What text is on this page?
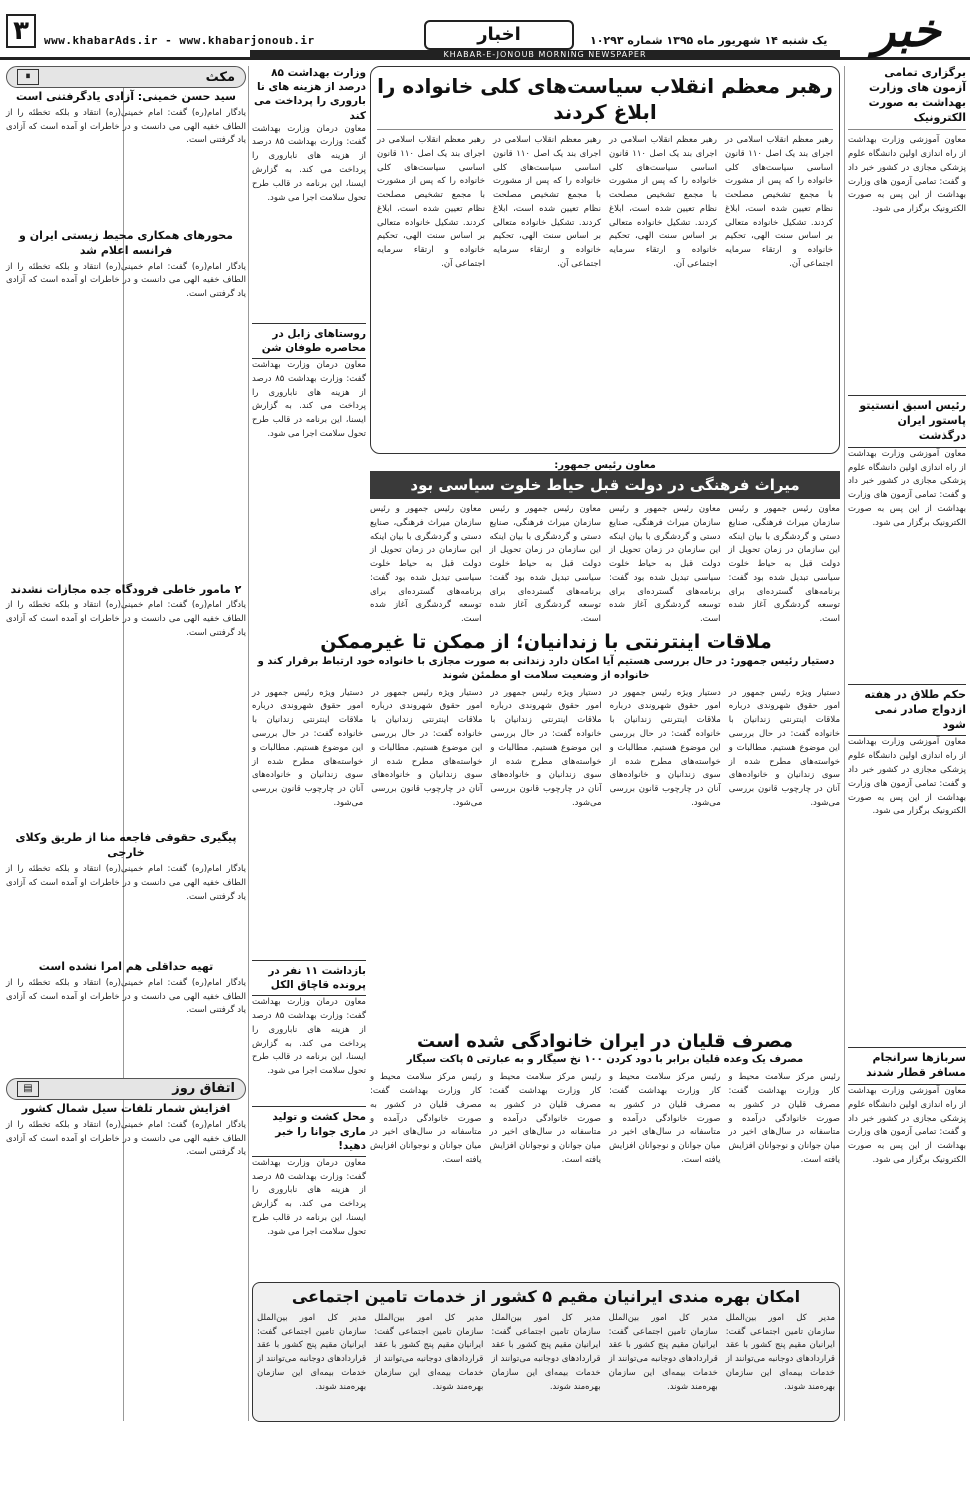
۳	www.khabarAds.ir - www.khabarjonoub.ir	اخبار	یک شنبه ۱۴ شهریور ماه ۱۳۹۵ شماره ۱۰۲۹۳ خبر
KHABAR-E-JONOUB MORNING NEWSPAPER
برگزاری تمامی آزمون های وزارت بهداشت به صورت الکترونیک
معاون آموزشی وزارت بهداشت از راه اندازی اولین دانشگاه علوم پزشکی مجازی در کشور خبر داد و گفت: تمامی آزمون های وزارت بهداشت از این پس به صورت الکترونیک برگزار می شود.
رئیس اسبق انستیتو پاستور ایران درگذشت
معاون آموزشی وزارت بهداشت از راه اندازی اولین دانشگاه علوم پزشکی مجازی در کشور خبر داد و گفت: تمامی آزمون های وزارت بهداشت از این پس به صورت الکترونیک برگزار می شود.
حکم طلاق در هفته ازدواج صادر نمی شود
معاون آموزشی وزارت بهداشت از راه اندازی اولین دانشگاه علوم پزشکی مجازی در کشور خبر داد و گفت: تمامی آزمون های وزارت بهداشت از این پس به صورت الکترونیک برگزار می شود.
سربازها سرانجام مسافر قطار شدند
معاون آموزشی وزارت بهداشت از راه اندازی اولین دانشگاه علوم پزشکی مجازی در کشور خبر داد و گفت: تمامی آزمون های وزارت بهداشت از این پس به صورت الکترونیک برگزار می شود.
رهبر معظم انقلاب سیاست‌های کلی خانواده را ابلاغ کردند
رهبر معظم انقلاب اسلامی در اجرای بند یک اصل ۱۱۰ قانون اساسی سیاست‌های کلی خانواده را که پس از مشورت با مجمع تشخیص مصلحت نظام تعیین شده است، ابلاغ کردند. تشکیل خانواده متعالی بر اساس سنت الهی، تحکیم خانواده و ارتقاء سرمایه اجتماعی آن.
رهبر معظم انقلاب اسلامی در اجرای بند یک اصل ۱۱۰ قانون اساسی سیاست‌های کلی خانواده را که پس از مشورت با مجمع تشخیص مصلحت نظام تعیین شده است، ابلاغ کردند. تشکیل خانواده متعالی بر اساس سنت الهی، تحکیم خانواده و ارتقاء سرمایه اجتماعی آن.
رهبر معظم انقلاب اسلامی در اجرای بند یک اصل ۱۱۰ قانون اساسی سیاست‌های کلی خانواده را که پس از مشورت با مجمع تشخیص مصلحت نظام تعیین شده است، ابلاغ کردند. تشکیل خانواده متعالی بر اساس سنت الهی، تحکیم خانواده و ارتقاء سرمایه اجتماعی آن.
رهبر معظم انقلاب اسلامی در اجرای بند یک اصل ۱۱۰ قانون اساسی سیاست‌های کلی خانواده را که پس از مشورت با مجمع تشخیص مصلحت نظام تعیین شده است، ابلاغ کردند. تشکیل خانواده متعالی بر اساس سنت الهی، تحکیم خانواده و ارتقاء سرمایه اجتماعی آن.
معاون رئیس جمهور:
میراث فرهنگی در دولت قبل حیاط خلوت سیاسی بود
معاون رئیس جمهور و رئیس سازمان میراث فرهنگی، صنایع دستی و گردشگری با بیان اینکه این سازمان در زمان تحویل از دولت قبل به حیاط خلوت سیاسی تبدیل شده بود گفت: برنامه‌های گسترده‌ای برای توسعه گردشگری آغاز شده است.
معاون رئیس جمهور و رئیس سازمان میراث فرهنگی، صنایع دستی و گردشگری با بیان اینکه این سازمان در زمان تحویل از دولت قبل به حیاط خلوت سیاسی تبدیل شده بود گفت: برنامه‌های گسترده‌ای برای توسعه گردشگری آغاز شده است.
معاون رئیس جمهور و رئیس سازمان میراث فرهنگی، صنایع دستی و گردشگری با بیان اینکه این سازمان در زمان تحویل از دولت قبل به حیاط خلوت سیاسی تبدیل شده بود گفت: برنامه‌های گسترده‌ای برای توسعه گردشگری آغاز شده است.
معاون رئیس جمهور و رئیس سازمان میراث فرهنگی، صنایع دستی و گردشگری با بیان اینکه این سازمان در زمان تحویل از دولت قبل به حیاط خلوت سیاسی تبدیل شده بود گفت: برنامه‌های گسترده‌ای برای توسعه گردشگری آغاز شده است.
ملاقات اینترنتی با زندانیان؛ از ممکن تا غیرممکن
دستیار رئیس جمهور: در حال بررسی هستیم آیا امکان دارد زندانی به صورت مجازی با خانواده خود ارتباط برقرار کند و خانواده از وضعیت سلامت او مطمئن شوند
دستیار ویژه رئیس جمهور در امور حقوق شهروندی درباره ملاقات اینترنتی زندانیان با خانواده گفت: در حال بررسی این موضوع هستیم. مطالبات و خواسته‌های مطرح شده از سوی زندانیان و خانواده‌های آنان در چارچوب قانون بررسی می‌شود.
دستیار ویژه رئیس جمهور در امور حقوق شهروندی درباره ملاقات اینترنتی زندانیان با خانواده گفت: در حال بررسی این موضوع هستیم. مطالبات و خواسته‌های مطرح شده از سوی زندانیان و خانواده‌های آنان در چارچوب قانون بررسی می‌شود.
دستیار ویژه رئیس جمهور در امور حقوق شهروندی درباره ملاقات اینترنتی زندانیان با خانواده گفت: در حال بررسی این موضوع هستیم. مطالبات و خواسته‌های مطرح شده از سوی زندانیان و خانواده‌های آنان در چارچوب قانون بررسی می‌شود.
دستیار ویژه رئیس جمهور در امور حقوق شهروندی درباره ملاقات اینترنتی زندانیان با خانواده گفت: در حال بررسی این موضوع هستیم. مطالبات و خواسته‌های مطرح شده از سوی زندانیان و خانواده‌های آنان در چارچوب قانون بررسی می‌شود.
دستیار ویژه رئیس جمهور در امور حقوق شهروندی درباره ملاقات اینترنتی زندانیان با خانواده گفت: در حال بررسی این موضوع هستیم. مطالبات و خواسته‌های مطرح شده از سوی زندانیان و خانواده‌های آنان در چارچوب قانون بررسی می‌شود.
مصرف قلیان در ایران خانوادگی شده است
مصرف یک وعده قلیان برابر با دود کردن ۱۰۰ نخ سیگار و به عبارتی ۵ پاکت سیگار
رئیس مرکز سلامت محیط و کار وزارت بهداشت گفت: مصرف قلیان در کشور به صورت خانوادگی درآمده و متاسفانه در سال‌های اخیر در میان جوانان و نوجوانان افزایش یافته است.
رئیس مرکز سلامت محیط و کار وزارت بهداشت گفت: مصرف قلیان در کشور به صورت خانوادگی درآمده و متاسفانه در سال‌های اخیر در میان جوانان و نوجوانان افزایش یافته است.
رئیس مرکز سلامت محیط و کار وزارت بهداشت گفت: مصرف قلیان در کشور به صورت خانوادگی درآمده و متاسفانه در سال‌های اخیر در میان جوانان و نوجوانان افزایش یافته است.
رئیس مرکز سلامت محیط و کار وزارت بهداشت گفت: مصرف قلیان در کشور به صورت خانوادگی درآمده و متاسفانه در سال‌های اخیر در میان جوانان و نوجوانان افزایش یافته است.
امکان بهره مندی ایرانیان مقیم ۵ کشور از خدمات تامین اجتماعی
مدیر کل امور بین‌الملل سازمان تامین اجتماعی گفت: ایرانیان مقیم پنج کشور با عقد قراردادهای دوجانبه می‌توانند از خدمات بیمه‌ای این سازمان بهره‌مند شوند.
مدیر کل امور بین‌الملل سازمان تامین اجتماعی گفت: ایرانیان مقیم پنج کشور با عقد قراردادهای دوجانبه می‌توانند از خدمات بیمه‌ای این سازمان بهره‌مند شوند.
مدیر کل امور بین‌الملل سازمان تامین اجتماعی گفت: ایرانیان مقیم پنج کشور با عقد قراردادهای دوجانبه می‌توانند از خدمات بیمه‌ای این سازمان بهره‌مند شوند.
مدیر کل امور بین‌الملل سازمان تامین اجتماعی گفت: ایرانیان مقیم پنج کشور با عقد قراردادهای دوجانبه می‌توانند از خدمات بیمه‌ای این سازمان بهره‌مند شوند.
مدیر کل امور بین‌الملل سازمان تامین اجتماعی گفت: ایرانیان مقیم پنج کشور با عقد قراردادهای دوجانبه می‌توانند از خدمات بیمه‌ای این سازمان بهره‌مند شوند.
وزارت بهداشت ۸۵ درصد از هزینه های نا باروری را پرداخت می کند
معاون درمان وزارت بهداشت گفت: وزارت بهداشت ۸۵ درصد از هزینه های ناباروری را پرداخت می کند. به گزارش ایسنا، این برنامه در قالب طرح تحول سلامت اجرا می شود.
روستاهای زابل در محاصره طوفان شن
معاون درمان وزارت بهداشت گفت: وزارت بهداشت ۸۵ درصد از هزینه های ناباروری را پرداخت می کند. به گزارش ایسنا، این برنامه در قالب طرح تحول سلامت اجرا می شود.
بازداشت ۱۱ نفر در پرونده قاچاق الکل
معاون درمان وزارت بهداشت گفت: وزارت بهداشت ۸۵ درصد از هزینه های ناباروری را پرداخت می کند. به گزارش ایسنا، این برنامه در قالب طرح تحول سلامت اجرا می شود.
محل کشت و تولید ماری جوانا را خبر دهید!
معاون درمان وزارت بهداشت گفت: وزارت بهداشت ۸۵ درصد از هزینه های ناباروری را پرداخت می کند. به گزارش ایسنا، این برنامه در قالب طرح تحول سلامت اجرا می شود.
مکث
⏸
سید حسن خمینی: آزادی یادگرفتنی است
یادگار امام(ره) گفت: امام خمینی(ره) انتقاد و بلکه تخطئه را از الطاف خفیه الهی می دانست و در خاطرات او آمده است که آزادی یاد گرفتنی است.
محورهای همکاری محیط زیستی ایران و فرانسه اعلام شد
یادگار امام(ره) گفت: امام خمینی(ره) انتقاد و بلکه تخطئه را از الطاف خفیه الهی می دانست و در خاطرات او آمده است که آزادی یاد گرفتنی است.
۲ مامور خاطی فرودگاه جده مجازات نشدند
یادگار امام(ره) گفت: امام خمینی(ره) انتقاد و بلکه تخطئه را از الطاف خفیه الهی می دانست و در خاطرات او آمده است که آزادی یاد گرفتنی است.
پیگیری حقوقی فاجعه منا از طریق وکلای خارجی
یادگار امام(ره) گفت: امام خمینی(ره) انتقاد و بلکه تخطئه را از الطاف خفیه الهی می دانست و در خاطرات او آمده است که آزادی یاد گرفتنی است.
تهیه حداقلی هم امرا نشده است
یادگار امام(ره) گفت: امام خمینی(ره) انتقاد و بلکه تخطئه را از الطاف خفیه الهی می دانست و در خاطرات او آمده است که آزادی یاد گرفتنی است.
اتفاق روز
▤
افزایش شمار تلفات سیل شمال کشور
یادگار امام(ره) گفت: امام خمینی(ره) انتقاد و بلکه تخطئه را از الطاف خفیه الهی می دانست و در خاطرات او آمده است که آزادی یاد گرفتنی است.
